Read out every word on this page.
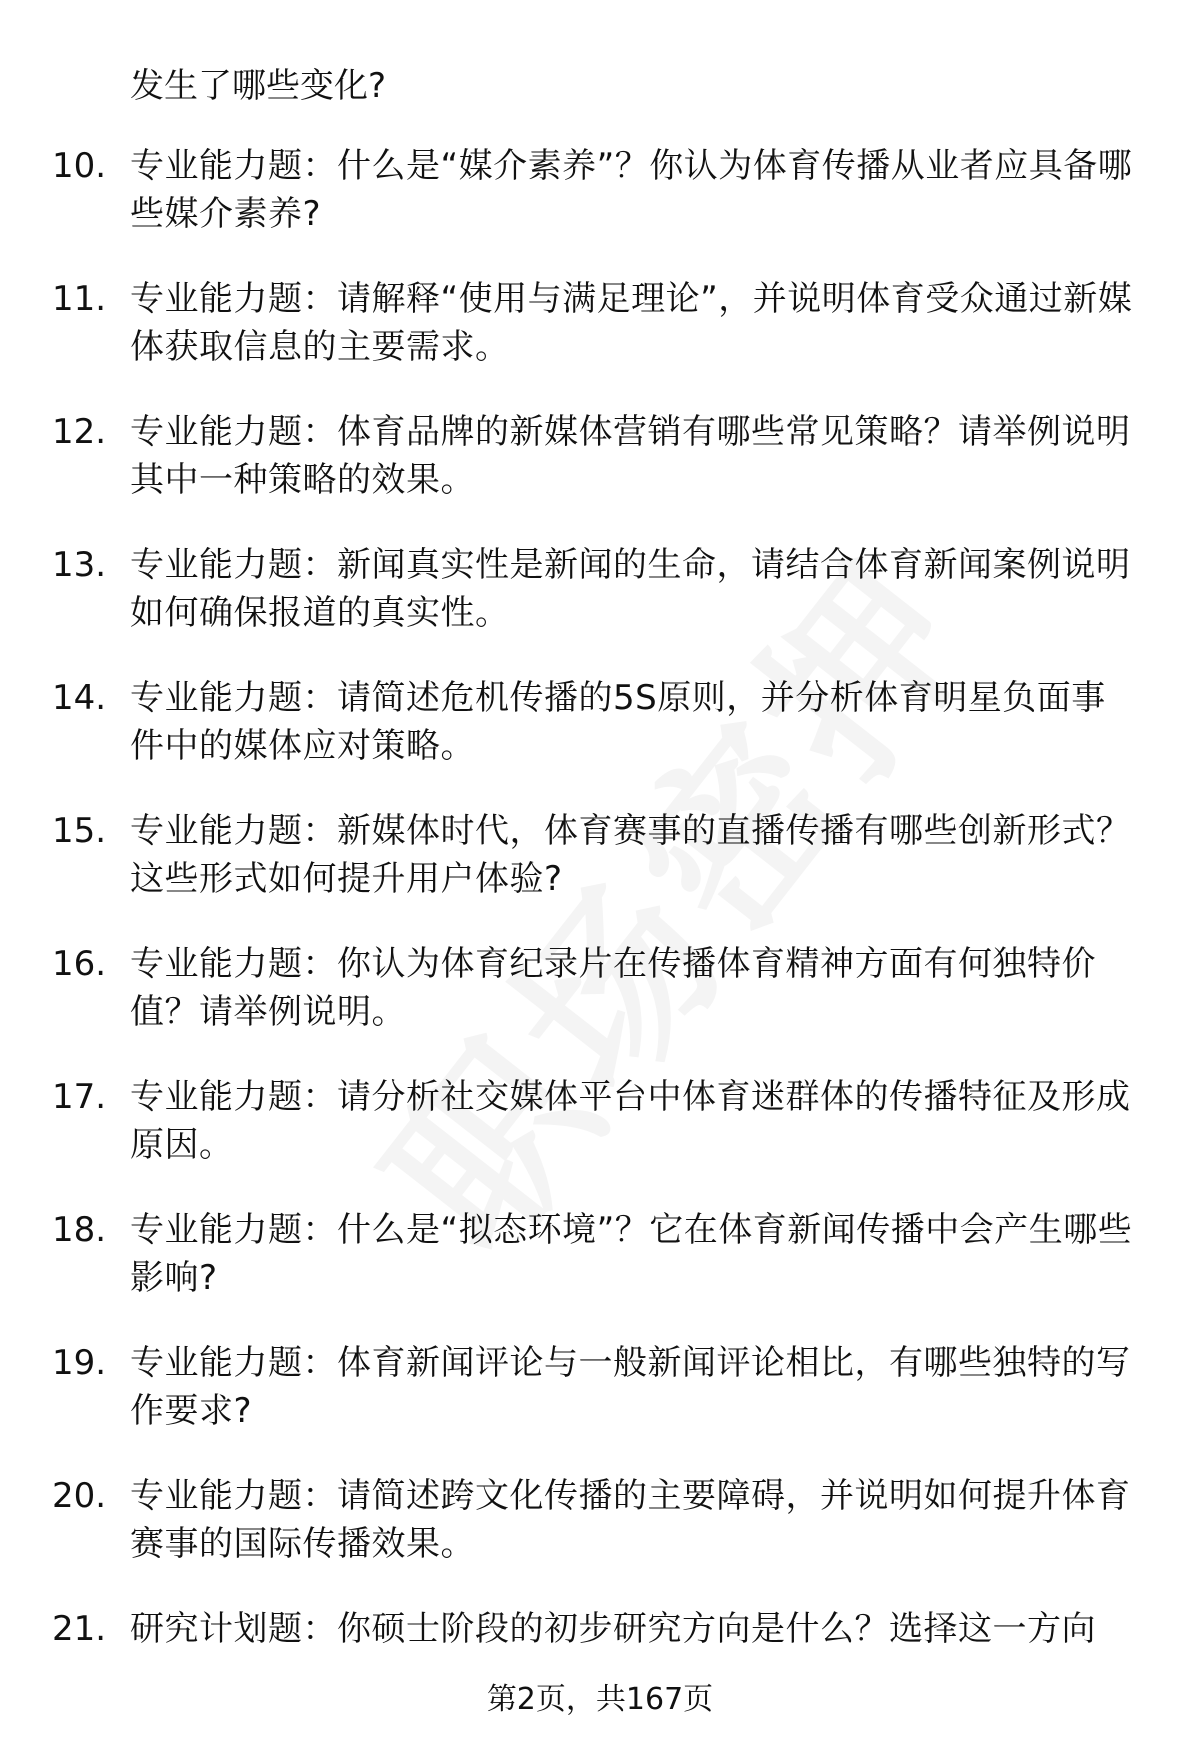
发生了哪些变化?
10. 专业能力题：什么是“媒介素养”？你认为体育传播从业者应具备哪些媒介素养?
11. 专业能力题：请解释“使用与满足理论”，并说明体育受众通过新媒体获取信息的主要需求。
12. 专业能力题：体育品牌的新媒体营销有哪些常见策略？请举例说明其中一种策略的效果。
13. 专业能力题：新闻真实性是新闻的生命，请结合体育新闻案例说明如何确保报道的真实性。
14. 专业能力题：请简述危机传播的5S原则，并分析体育明星负面事件中的媒体应对策略。
15. 专业能力题：新媒体时代，体育赛事的直播传播有哪些创新形式？这些形式如何提升用户体验?
16. 专业能力题：你认为体育纪录片在传播体育精神方面有何独特价值？请举例说明。
17. 专业能力题：请分析社交媒体平台中体育迷群体的传播特征及形成原因。
18. 专业能力题：什么是“拟态环境”？它在体育新闻传播中会产生哪些影响?
19. 专业能力题：体育新闻评论与一般新闻评论相比，有哪些独特的写作要求?
20. 专业能力题：请简述跨文化传播的主要障碍，并说明如何提升体育赛事的国际传播效果。
21. 研究计划题：你硕士阶段的初步研究方向是什么？选择这一方向
第2页，共167页
